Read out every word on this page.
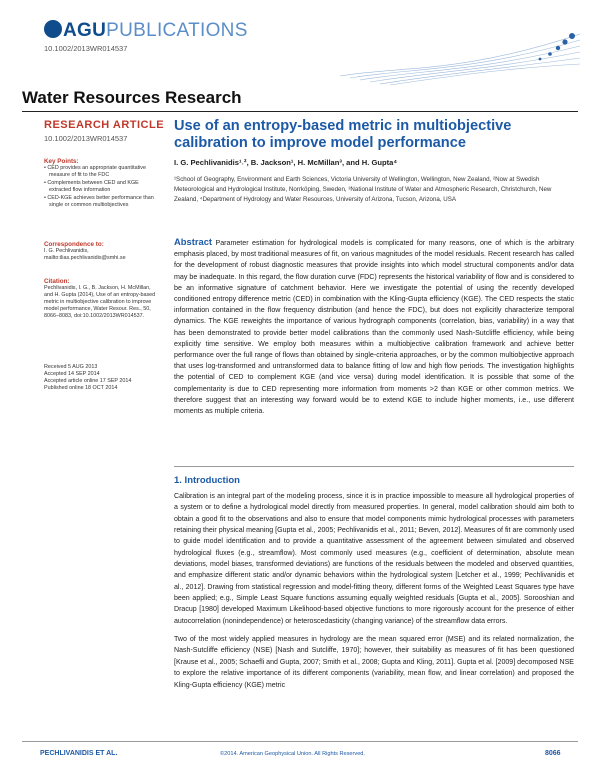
AGUPUBLICATIONS
10.1002/2013WR014537
Water Resources Research
RESEARCH ARTICLE
10.1002/2013WR014537
Key Points:
• CED provides an appropriate quantitative measure of fit to the FDC
• Complements between CED and KGE extracted flow information
• CED-KGE achieves better performance than single or common multiobjectives
Correspondence to:
I. G. Pechlivanidis,
mailto:ilias.pechlivanidis@smhi.se
Citation:
Pechlivanidis, I. G., B. Jackson, H. McMillan, and H. Gupta (2014), Use of an entropy-based metric in multiobjective calibration to improve model performance, Water Resour. Res., 50, 8066–8083, doi:10.1002/2013WR014537.
Received 5 AUG 2013
Accepted 14 SEP 2014
Accepted article online 17 SEP 2014
Published online 18 OCT 2014
Use of an entropy-based metric in multiobjective calibration to improve model performance
I. G. Pechlivanidis¹˒², B. Jackson¹, H. McMillan³, and H. Gupta⁴
¹School of Geography, Environment and Earth Sciences, Victoria University of Wellington, Wellington, New Zealand, ²Now at Swedish Meteorological and Hydrological Institute, Norrköping, Sweden, ³National Institute of Water and Atmospheric Research, Christchurch, New Zealand, ⁴Department of Hydrology and Water Resources, University of Arizona, Tucson, Arizona, USA
Abstract Parameter estimation for hydrological models is complicated for many reasons, one of which is the arbitrary emphasis placed, by most traditional measures of fit, on various magnitudes of the model residuals. Recent research has called for the development of robust diagnostic measures that provide insights into which model structural components and/or data may be inadequate. In this regard, the flow duration curve (FDC) represents the historical variability of flow and is considered to be an informative signature of catchment behavior. Here we investigate the potential of using the recently developed conditioned entropy difference metric (CED) in combination with the Kling-Gupta efficiency (KGE). The CED respects the static information contained in the flow frequency distribution (and hence the FDC), but does not explicitly characterize temporal dynamics. The KGE reweights the importance of various hydrograph components (correlation, bias, variability) in a way that has been demonstrated to provide better model calibrations than the commonly used Nash-Sutcliffe efficiency, while being explicitly time sensitive. We employ both measures within a multiobjective calibration framework and achieve better performance over the full range of flows than obtained by single-criteria approaches, or by the common multiobjective approach that uses log-transformed and untransformed data to balance fitting of low and high flow periods. The investigation highlights the potential of CED to complement KGE (and vice versa) during model identification. It is possible that some of the complementarity is due to CED representing more information from moments >2 than KGE or other common metrics. We therefore suggest that an interesting way forward would be to extend KGE to include higher moments, i.e., use different moments as multiple criteria.
1. Introduction

Calibration is an integral part of the modeling process, since it is in practice impossible to measure all hydrological properties of a system or to define a hydrological model directly from measured properties. In general, model calibration should aim both to obtain a good fit to the observations and also to ensure that model components mimic hydrological processes with parameters retaining their physical meaning [Gupta et al., 2005; Pechlivanidis et al., 2011; Beven, 2012]. Measures of fit are commonly used to guide model identification and to provide a quantitative assessment of the agreement between simulated and observed hydrological fluxes (e.g., streamflow). Most commonly used measures (e.g., coefficient of determination, absolute mean deviations, model biases, transformed deviations) are functions of the residuals between the modeled and observed quantities, and emphasize different static and/or dynamic behaviors within the hydrological system [Letcher et al., 1999; Pechlivanidis et al., 2012]. Drawing from statistical regression and model-fitting theory, different forms of the Weighted Least Squares type have been applied; e.g., Simple Least Square functions assuming equally weighted residuals [Gupta et al., 2005]. Sorooshian and Dracup [1980] developed Maximum Likelihood-based objective functions to more rigorously account for the presence of either autocorrelation (nonindependence) or heteroscedasticity (changing variance) of the streamflow data errors.

Two of the most widely applied measures in hydrology are the mean squared error (MSE) and its related normalization, the Nash-Sutcliffe efficiency (NSE) [Nash and Sutcliffe, 1970]; however, their suitability as measures of fit has been questioned [Krause et al., 2005; Schaefli and Gupta, 2007; Smith et al., 2008; Gupta and Kling, 2011]. Gupta et al. [2009] decomposed NSE to explore the relative importance of its different components (variability, mean flow, and linear correlation) and proposed the Kling-Gupta efficiency (KGE) metric

PECHLIVANIDIS ET AL.	©2014. American Geophysical Union. All Rights Reserved.	8066
